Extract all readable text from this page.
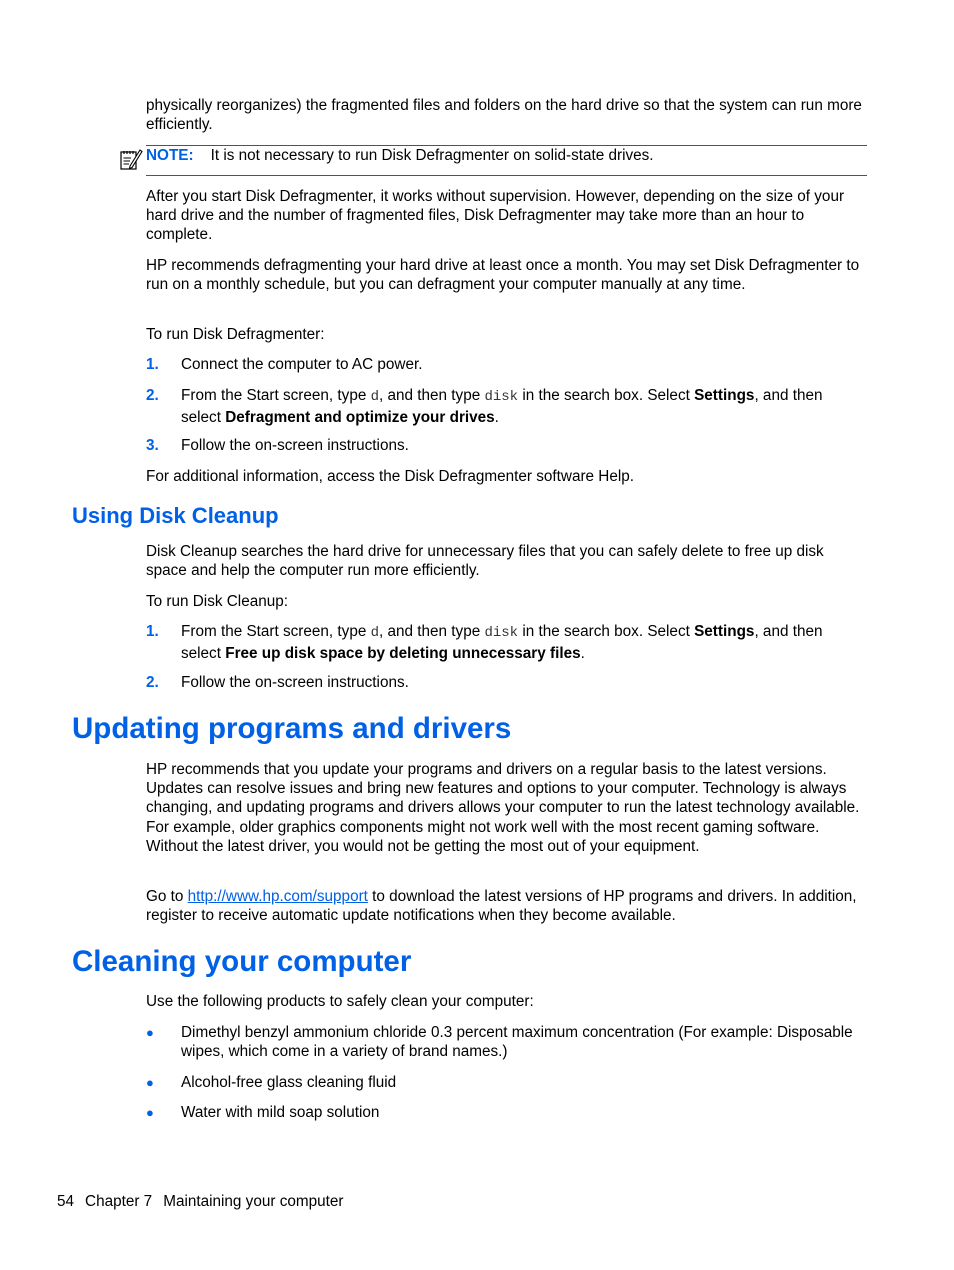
physically reorganizes) the fragmented files and folders on the hard drive so that the system can run more efficiently.

NOTE: It is not necessary to run Disk Defragmenter on solid-state drives.

After you start Disk Defragmenter, it works without supervision. However, depending on the size of your hard drive and the number of fragmented files, Disk Defragmenter may take more than an hour to complete.

HP recommends defragmenting your hard drive at least once a month. You may set Disk Defragmenter to run on a monthly schedule, but you can defragment your computer manually at any time.

To run Disk Defragmenter:

1. Connect the computer to AC power.
2. From the Start screen, type d, and then type disk in the search box. Select Settings, and then select Defragment and optimize your drives.
3. Follow the on-screen instructions.

For additional information, access the Disk Defragmenter software Help.

Using Disk Cleanup

Disk Cleanup searches the hard drive for unnecessary files that you can safely delete to free up disk space and help the computer run more efficiently.

To run Disk Cleanup:

1. From the Start screen, type d, and then type disk in the search box. Select Settings, and then select Free up disk space by deleting unnecessary files.
2. Follow the on-screen instructions.
Updating programs and drivers

HP recommends that you update your programs and drivers on a regular basis to the latest versions. Updates can resolve issues and bring new features and options to your computer. Technology is always changing, and updating programs and drivers allows your computer to run the latest technology available. For example, older graphics components might not work well with the most recent gaming software. Without the latest driver, you would not be getting the most out of your equipment.

Go to http://www.hp.com/support to download the latest versions of HP programs and drivers. In addition, register to receive automatic update notifications when they become available.

Cleaning your computer

Use the following products to safely clean your computer:

● Dimethyl benzyl ammonium chloride 0.3 percent maximum concentration (For example: Disposable wipes, which come in a variety of brand names.)
● Alcohol-free glass cleaning fluid
● Water with mild soap solution
54 Chapter 7 Maintaining your computer
